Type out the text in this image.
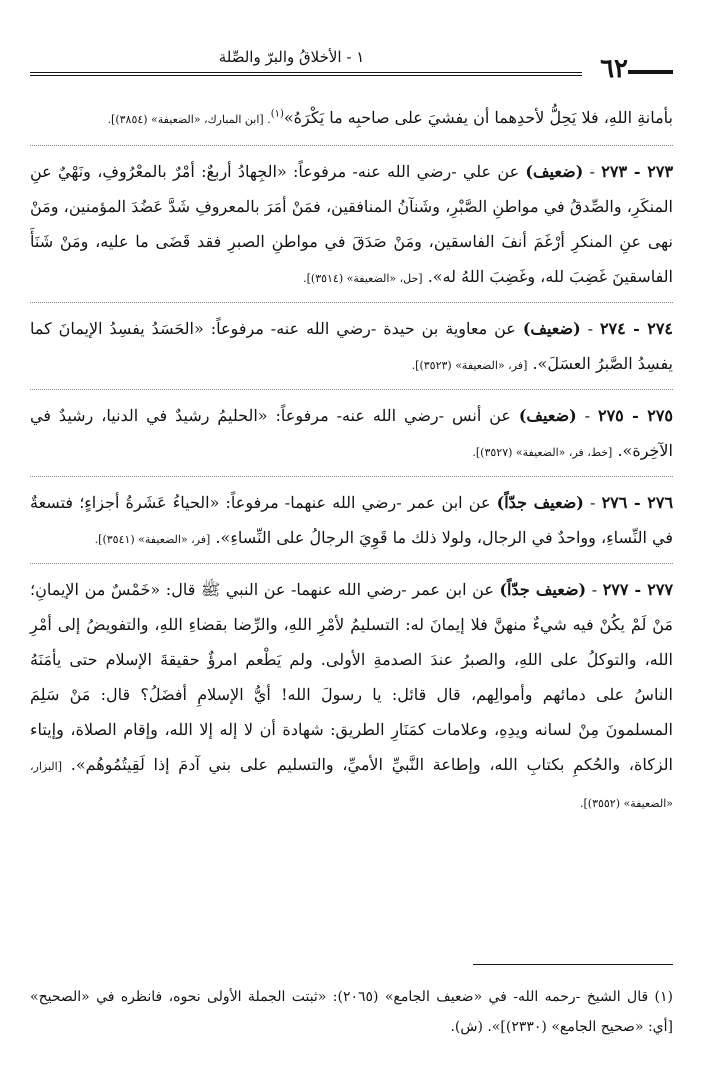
٦٢
١ - الأخلاقُ والبرّ والصِّلة

بأمانةِ اللهِ، فلا يَحِلُّ لأحدِهما أن يفشيَ على صاحبِه ما يَكْرَهُ»$^{(١)}$. [ابن المبارك، «الضعيفة» (٣٨٥٤)].

٢٧٣ - ٢٧٣ - (ضعيف) عن علي -رضي الله عنه- مرفوعاً: «الجِهادُ أربعٌ: أمْرٌ بالمعْرُوفِ، ونَهْيٌ عنِ المنكَرِ، والصِّدقُ في مواطنِ الصَّبْرِ، وشَنآنُ المنافقين، فمَنْ أمَرَ بالمعروفِ شَدَّ عَضُدَ المؤمنين، ومَنْ نهى عنِ المنكرِ أرْغَمَ أنفَ الفاسقين، ومَنْ صَدَقَ في مواطنِ الصبرِ فقد قَضَى ما عليه، ومَنْ شَنَأَ الفاسقينَ غَضِبَ لله، وغَضِبَ اللهُ له». [حل، «الضعيفة» (٣٥١٤)].

٢٧٤ - ٢٧٤ - (ضعيف) عن معاوية بن حيدة -رضي الله عنه- مرفوعاً: «الحَسَدُ يفسِدُ الإيمانَ كما يفسِدُ الصَّبرُ العسَلَ». [فر، «الضعيفة» (٣٥٢٣)].

٢٧٥ - ٢٧٥ - (ضعيف) عن أنس -رضي الله عنه- مرفوعاً: «الحليمُ رشيدٌ في الدنيا، رشيدٌ في الآخِرة». [خط، فر، «الضعيفة» (٣٥٢٧)].

٢٧٦ - ٢٧٦ - (ضعيف جدّاً) عن ابن عمر -رضي الله عنهما- مرفوعاً: «الحياءُ عَشَرةُ أجزاءٍ؛ فتسعةٌ في النِّساءِ، وواحدٌ في الرجال، ولولا ذلك ما قَوِيَ الرجالُ على النِّساءِ». [فر، «الضعيفة» (٣٥٤١)].

٢٧٧ - ٢٧٧ - (ضعيف جدّاً) عن ابن عمر -رضي الله عنهما- عن النبي ﷺ قال: «خَمْسٌ من الإيمانِ؛ مَنْ لَمْ يكُنْ فيه شيءٌ منهنَّ فلا إيمانَ له: التسليمُ لأمْرِ اللهِ، والرِّضا بقضاءِ اللهِ، والتفويضُ إلى أمْرِ الله، والتوكلُ على اللهِ، والصبرُ عندَ الصدمةِ الأولى. ولم يَطْعم امرؤٌ حقيقةَ الإسلام حتى يأمَنَهُ الناسُ على دمائهم وأموالِهم، قال قائل: يا رسولَ الله! أيُّ الإسلامِ أفضَلُ؟ قال: مَنْ سَلِمَ المسلمونَ مِنْ لسانه ويدِهِ، وعلامات كمَنَارِ الطريق: شهادة أن لا إله إلا الله، وإقام الصلاة، وإيتاء الزكاة، والحُكمِ بكتابِ الله، وإطاعة النَّبيِّ الأميِّ، والتسليم على بني آدمَ إذا لَقِيتُمُوهُم». [البزار، «الضعيفة» (٣٥٥٢)].

(١) قال الشيخ -رحمه الله- في «ضعيف الجامع» (٢٠٦٥): «ثبتت الجملة الأولى نحوه، فانظره في «الصحيح» [أي: «صحيح الجامع» (٢٣٣٠)]». (ش).
